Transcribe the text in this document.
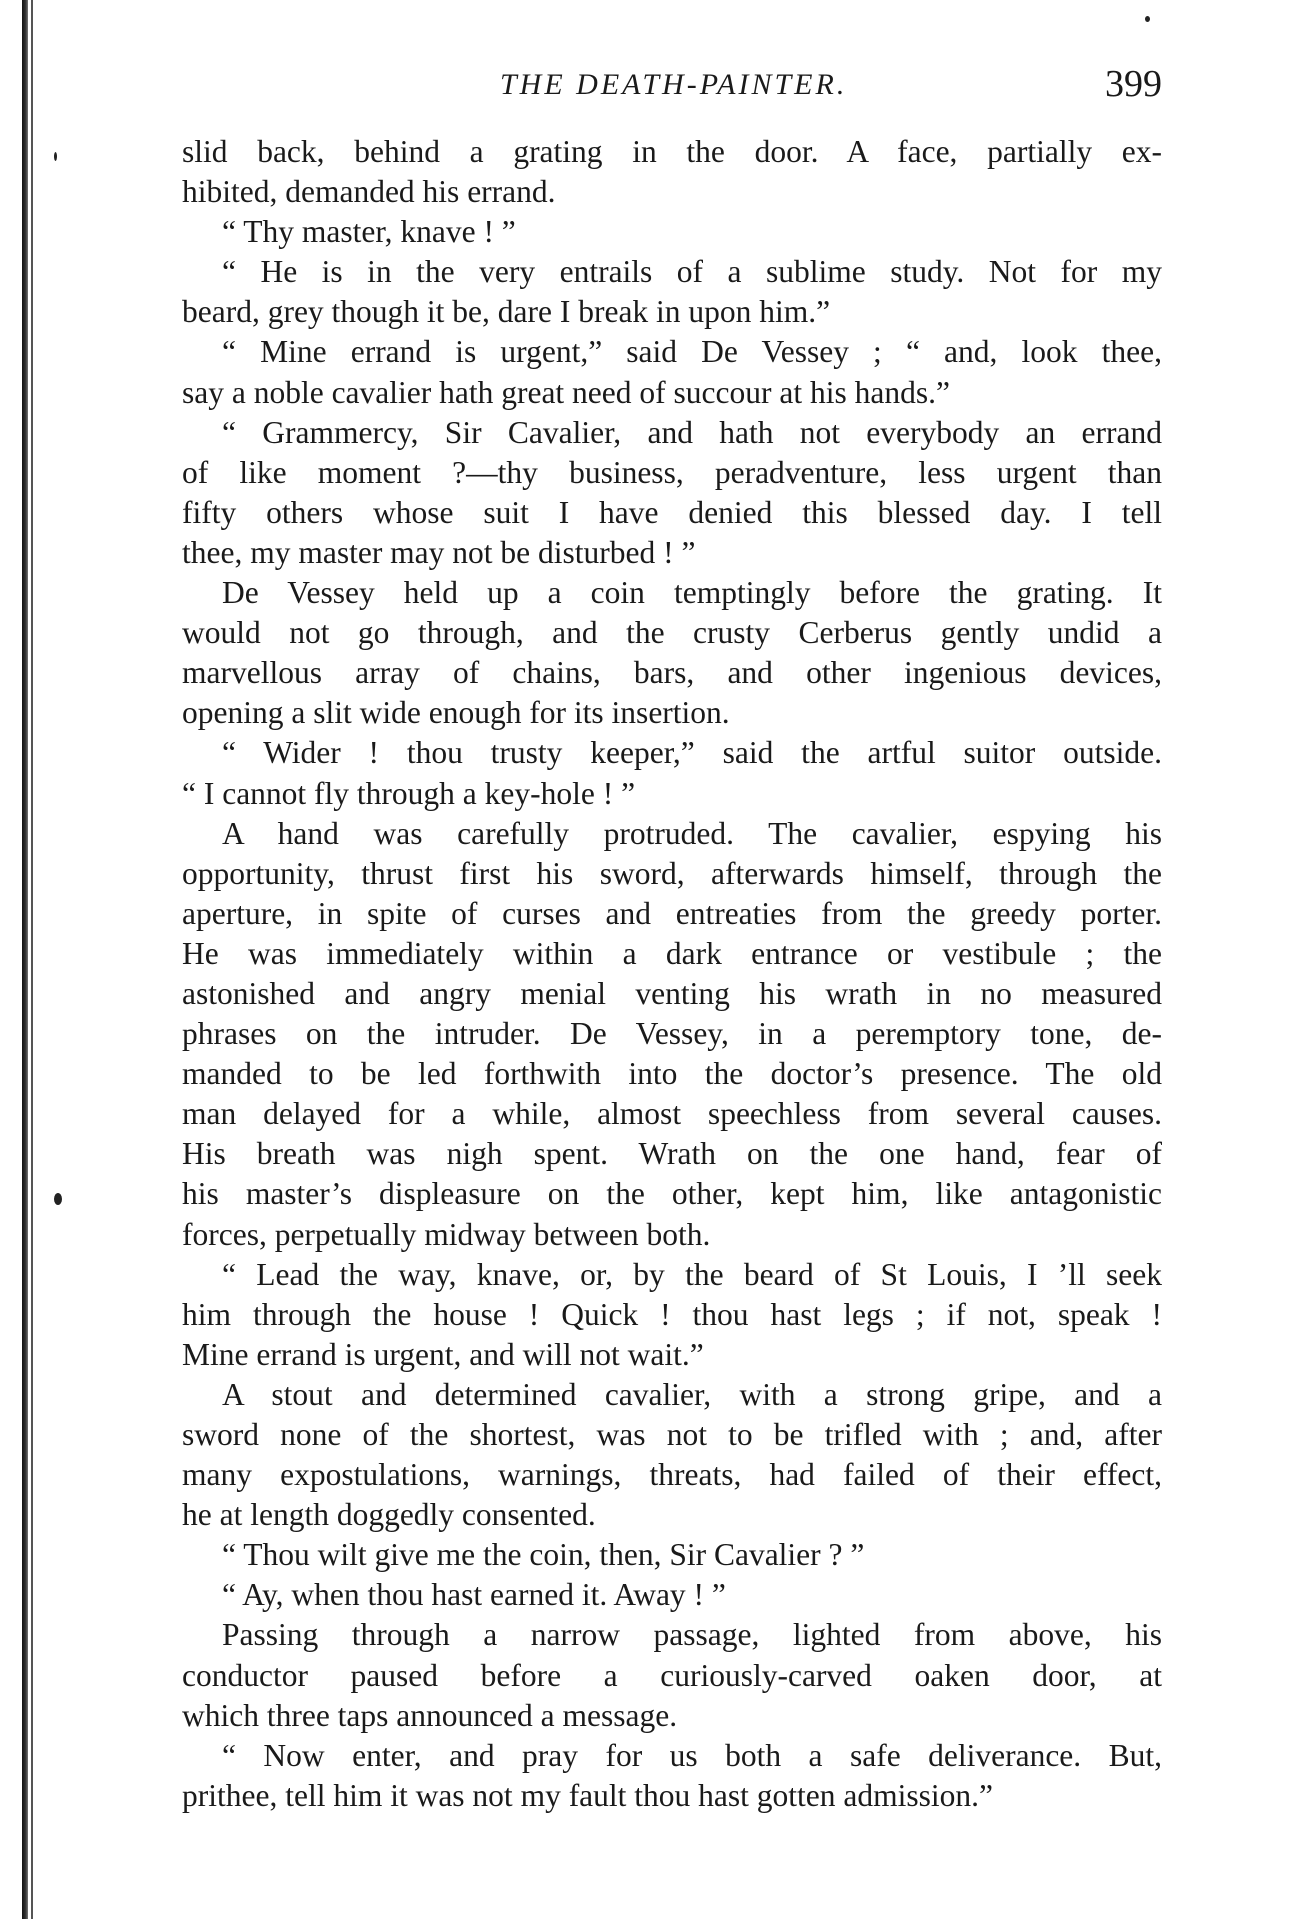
THE DEATH-PAINTER.	399
slid back, behind a grating in the door. A face, partially ex-
hibited, demanded his errand.
“ Thy master, knave ! ”
“ He is in the very entrails of a sublime study. Not for my
beard, grey though it be, dare I break in upon him.”
“ Mine errand is urgent,” said De Vessey ; “ and, look thee,
say a noble cavalier hath great need of succour at his hands.”
“ Grammercy, Sir Cavalier, and hath not everybody an errand
of like moment ?—thy business, peradventure, less urgent than
fifty others whose suit I have denied this blessed day. I tell
thee, my master may not be disturbed ! ”
De Vessey held up a coin temptingly before the grating. It
would not go through, and the crusty Cerberus gently undid a
marvellous array of chains, bars, and other ingenious devices,
opening a slit wide enough for its insertion.
“ Wider ! thou trusty keeper,” said the artful suitor outside.
“ I cannot fly through a key-hole ! ”
A hand was carefully protruded. The cavalier, espying his
opportunity, thrust first his sword, afterwards himself, through the
aperture, in spite of curses and entreaties from the greedy porter.
He was immediately within a dark entrance or vestibule ; the
astonished and angry menial venting his wrath in no measured
phrases on the intruder. De Vessey, in a peremptory tone, de-
manded to be led forthwith into the doctor’s presence. The old
man delayed for a while, almost speechless from several causes.
His breath was nigh spent. Wrath on the one hand, fear of
his master’s displeasure on the other, kept him, like antagonistic
forces, perpetually midway between both.
“ Lead the way, knave, or, by the beard of St Louis, I ’ll seek
him through the house ! Quick ! thou hast legs ; if not, speak !
Mine errand is urgent, and will not wait.”
A stout and determined cavalier, with a strong gripe, and a
sword none of the shortest, was not to be trifled with ; and, after
many expostulations, warnings, threats, had failed of their effect,
he at length doggedly consented.
“ Thou wilt give me the coin, then, Sir Cavalier ? ”
“ Ay, when thou hast earned it. Away ! ”
Passing through a narrow passage, lighted from above, his
conductor paused before a curiously-carved oaken door, at
which three taps announced a message.
“ Now enter, and pray for us both a safe deliverance. But,
prithee, tell him it was not my fault thou hast gotten admission.”
